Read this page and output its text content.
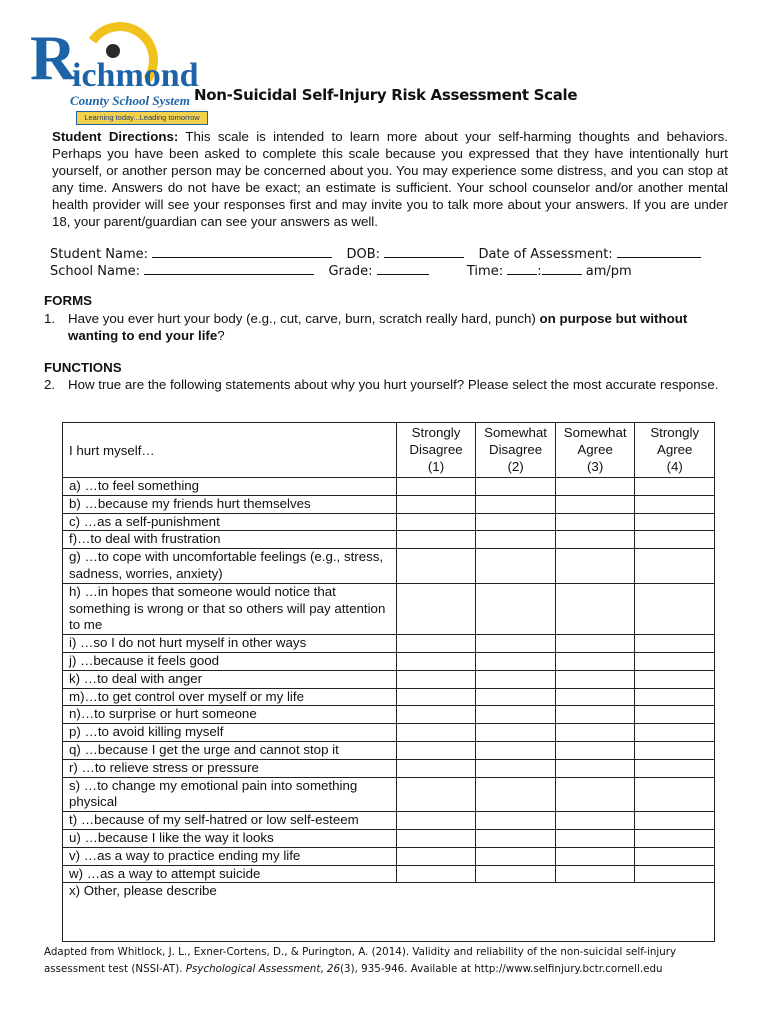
R
ichmond
County School System
Learning today...Leading tomorrow
Non-Suicidal Self-Injury Risk Assessment Scale
Student Directions: This scale is intended to learn more about your self-harming thoughts and behaviors. Perhaps you have been asked to complete this scale because you expressed that they have intentionally hurt yourself, or another person may be concerned about you. You may experience some distress, and you can stop at any time. Answers do not have be exact; an estimate is sufficient. Your school counselor and/or another mental health provider will see your responses first and may invite you to talk more about your answers. If you are under 18, your parent/guardian can see your answers as well.
Student Name:	DOB:	Date of Assessment:
School Name:	Grade:	Time:	:	am/pm
FORMS
1. Have you ever hurt your body (e.g., cut, carve, burn, scratch really hard, punch) on purpose but without wanting to end your life?
FUNCTIONS
2. How true are the following statements about why you hurt yourself? Please select the most accurate response.
I hurt myself…	Strongly
Disagree
(1)	Somewhat
Disagree
(2)	Somewhat
Agree
(3)	Strongly
Agree
(4)
a) …to feel something				
b) …because my friends hurt themselves				
c) …as a self-punishment				
f)…to deal with frustration				
g) …to cope with uncomfortable feelings (e.g., stress, sadness, worries, anxiety)				
h) …in hopes that someone would notice that something is wrong or that so others will pay attention to me				
i) …so I do not hurt myself in other ways				
j) …because it feels good				
k) …to deal with anger				
m)…to get control over myself or my life				
n)…to surprise or hurt someone				
p) …to avoid killing myself				
q) …because I get the urge and cannot stop it				
r) …to relieve stress or pressure				
s) …to change my emotional pain into something physical				
t) …because of my self-hatred or low self-esteem				
u) …because I like the way it looks				
v) …as a way to practice ending my life				
w) …as a way to attempt suicide				
x) Other, please describe				
Adapted from Whitlock, J. L., Exner-Cortens, D., & Purington, A. (2014). Validity and reliability of the non-suicidal self-injury assessment test (NSSI-AT). Psychological Assessment, 26(3), 935-946. Available at http://www.selfinjury.bctr.cornell.edu
